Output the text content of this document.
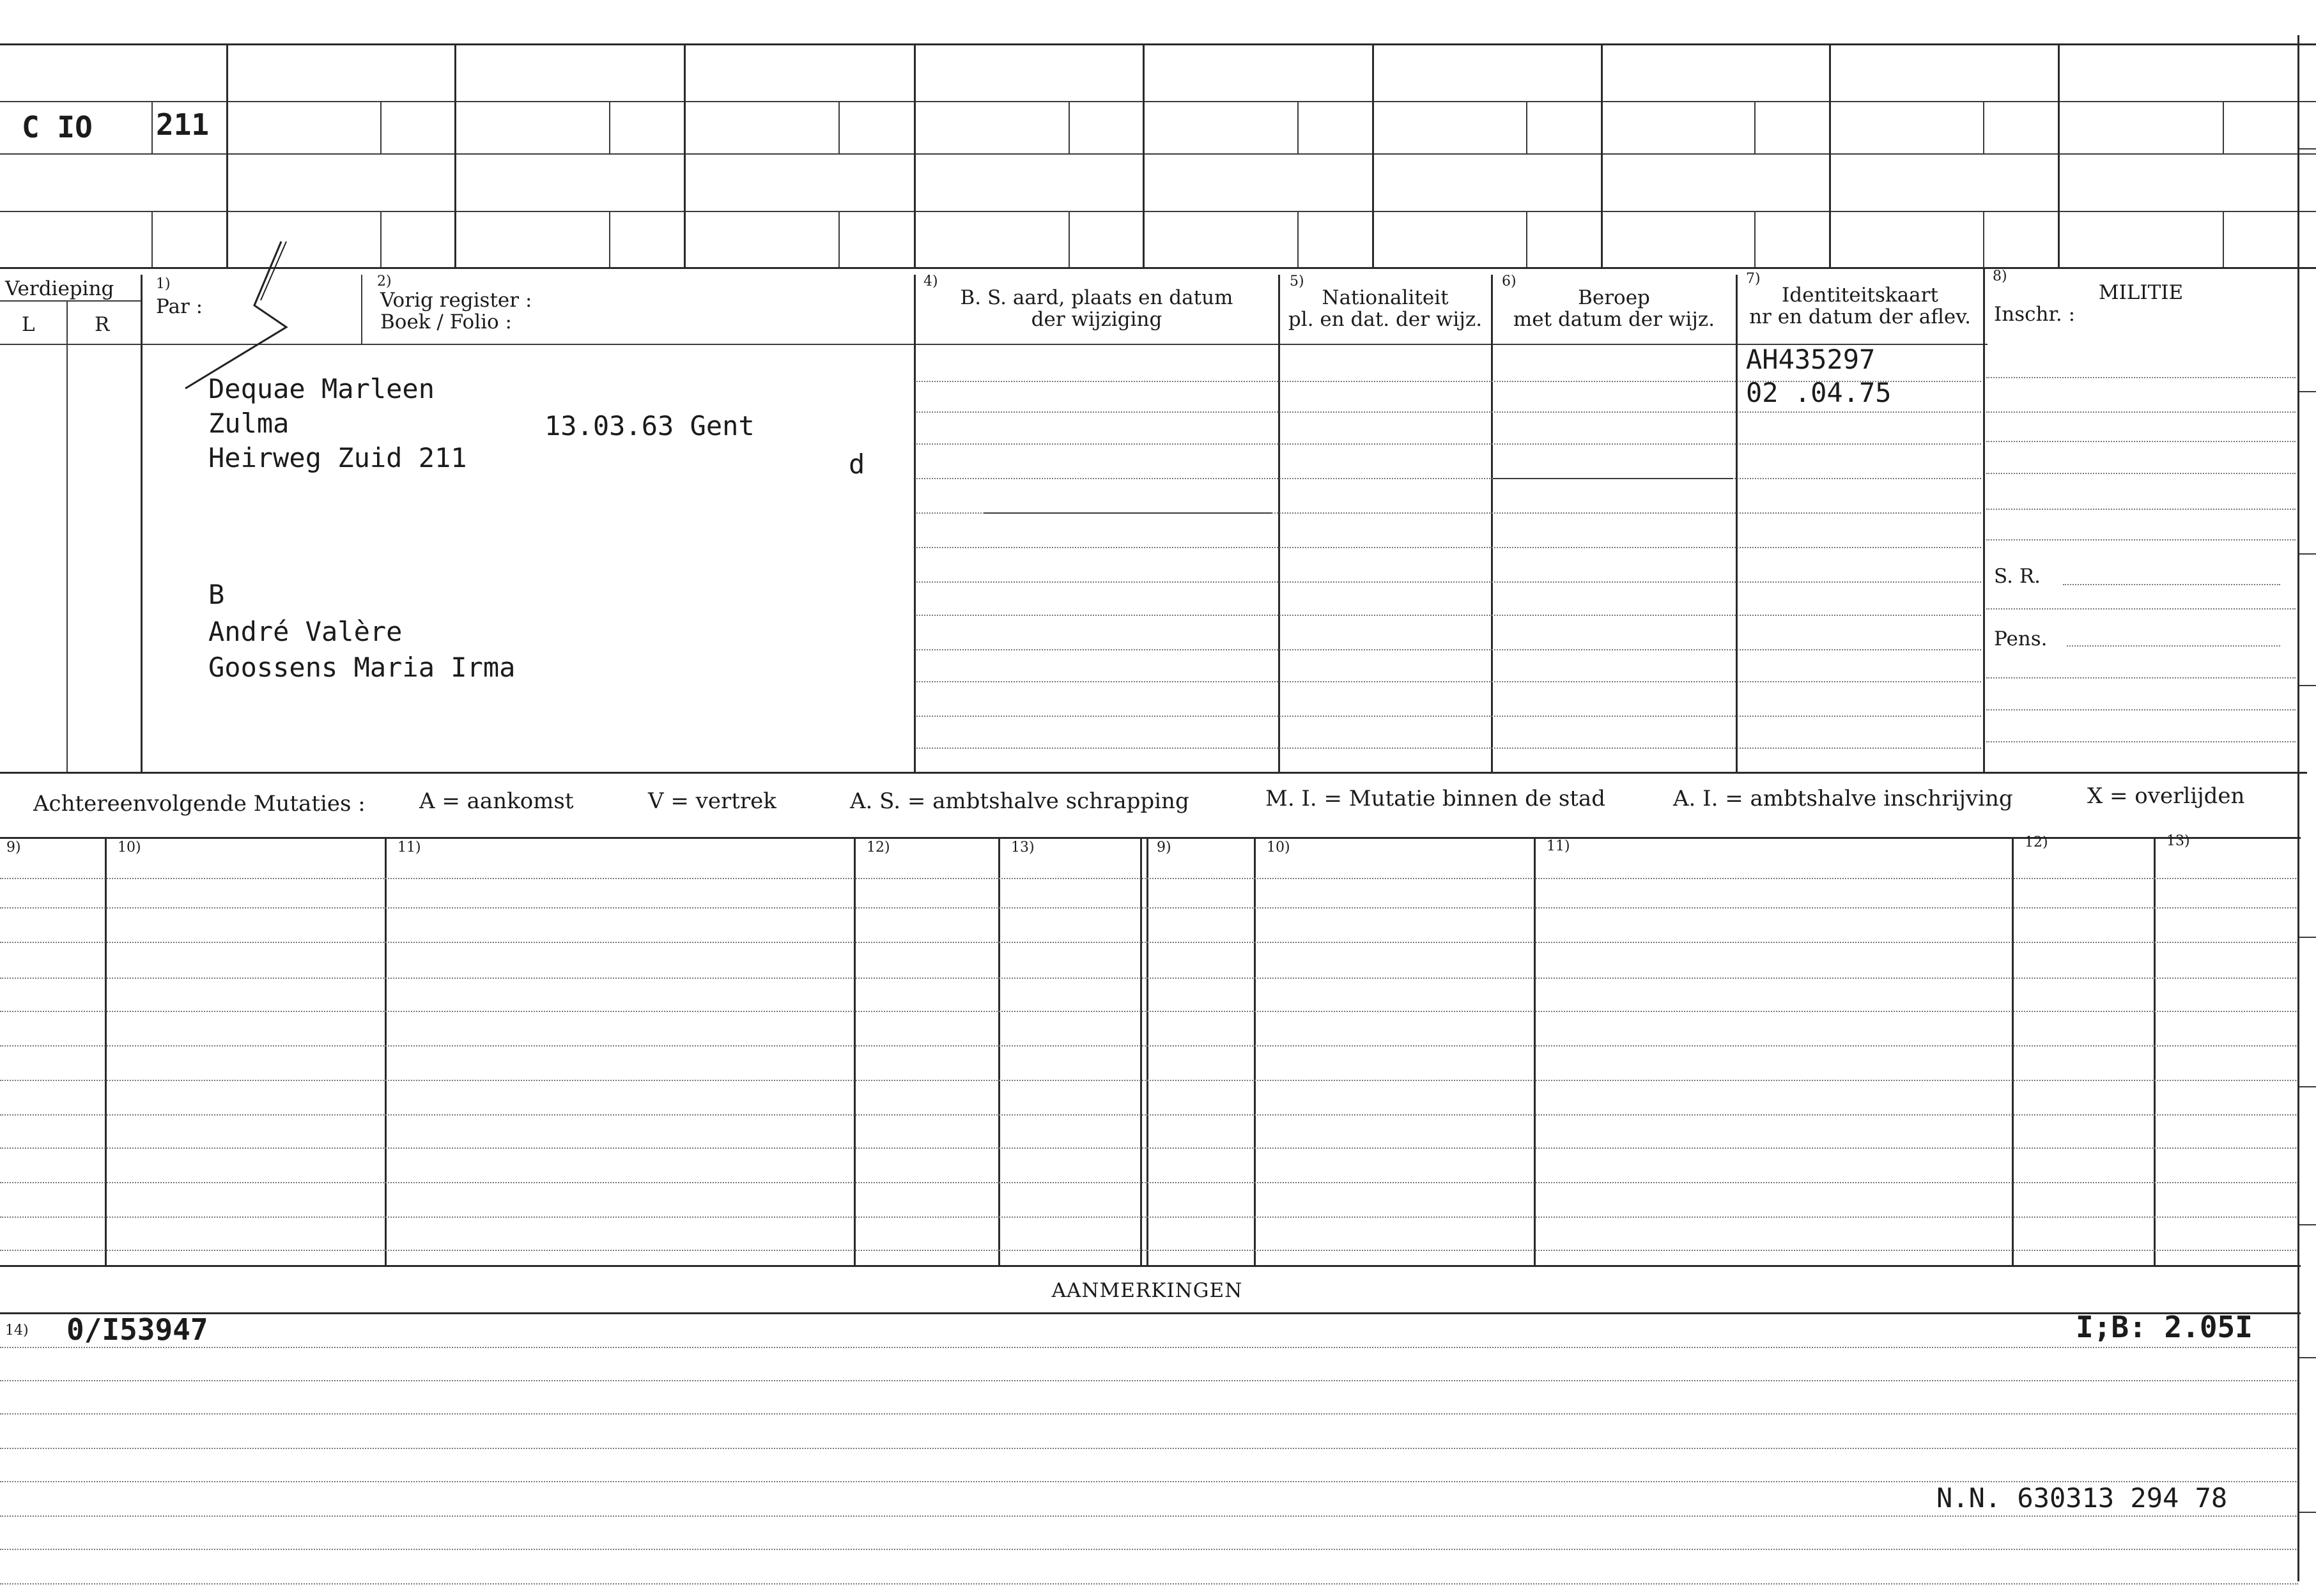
C IO 211
Verdieping
L	R
1)
Par :
2)
Vorig register :
Boek / Folio :
4)
B. S. aard, plaats en datum
der wijziging
5)
Nationaliteit
pl. en dat. der wijz.
6)
Beroep
met datum der wijz.
7)
Identiteitskaart
nr en datum der aflev.
8)
MILITIE
Inschr. :
Dequae Marleen
Zulma	13.03.63 Gent
Heirweg Zuid 211	d
B
André Valère
Goossens Maria Irma
AH435297
02 .04.75
S. R.
Pens.
Achtereenvolgende Mutaties : A = aankomst	V = vertrek	A. S. = ambtshalve schrapping	M. I. = Mutatie binnen de stad	A. I. = ambtshalve inschrijving	X = overlijden
9)	10)	11)	12)	13)	9)	10)	11)	12)	13)
AANMERKINGEN
14) 0/I53947	I;B: 2.05I
N.N. 630313 294 78
